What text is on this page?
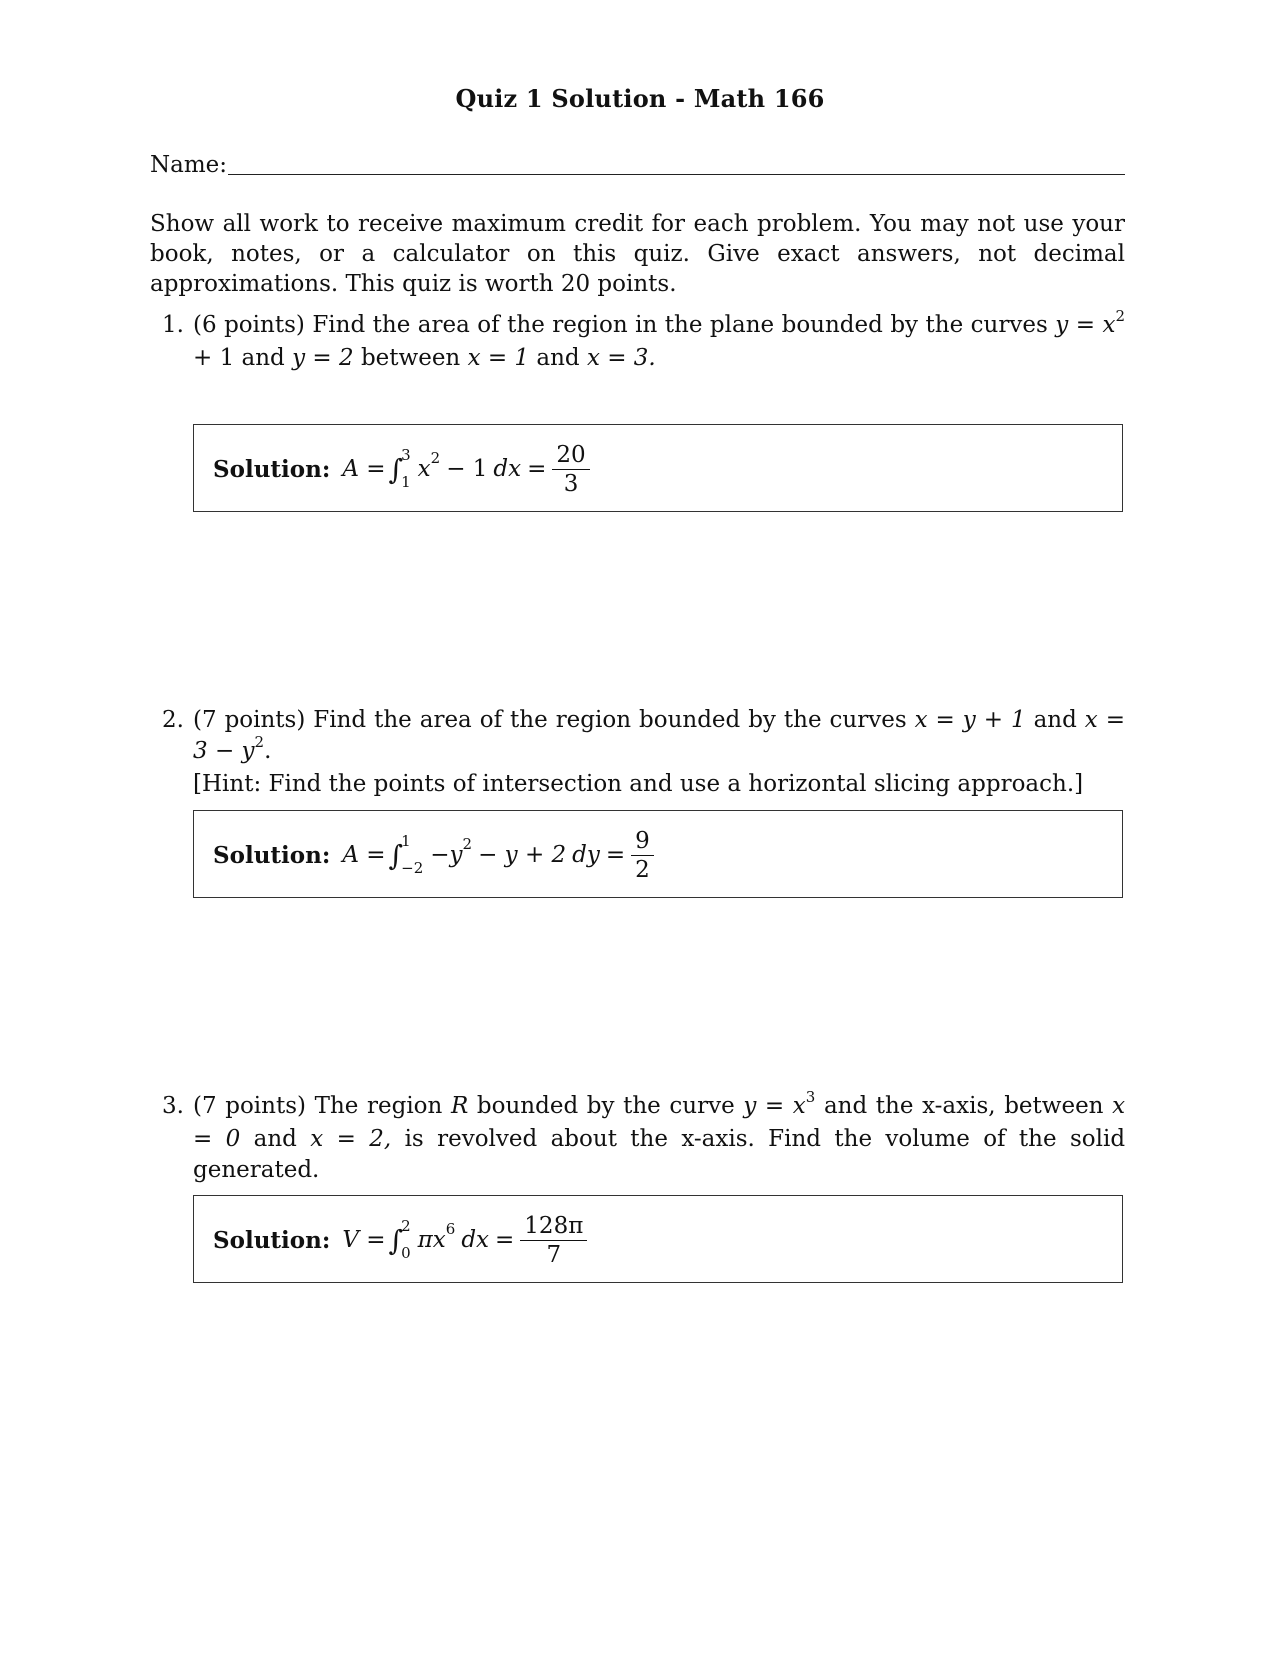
Quiz 1 Solution - Math 166
Name:
Show all work to receive maximum credit for each problem. You may not use your book, notes, or a calculator on this quiz. Give exact answers, not decimal approximations. This quiz is worth 20 points.
1. (6 points) Find the area of the region in the plane bounded by the curves $y = x^2 + 1$ and y = 2 between x = 1 and x = 3.
Solution: A = ∫
3
1 x 2 − 1 dx = $\frac{20}{3}$
2. (7 points) Find the area of the region bounded by the curves x = y + 1 and $x = 3 - y^2$.
[Hint: Find the points of intersection and use a horizontal slicing approach.]
Solution: A = ∫
1
−2 −y 2 − y + 2 dy = $\frac{9}{2}$
3. (7 points) The region R bounded by the curve $y = x^3$ and the x-axis, between x = 0 and x = 2, is revolved about the x-axis. Find the volume of the solid generated.
Solution: V = ∫
2
0 πx 6 dx = $\frac{128\pi}{7}$
